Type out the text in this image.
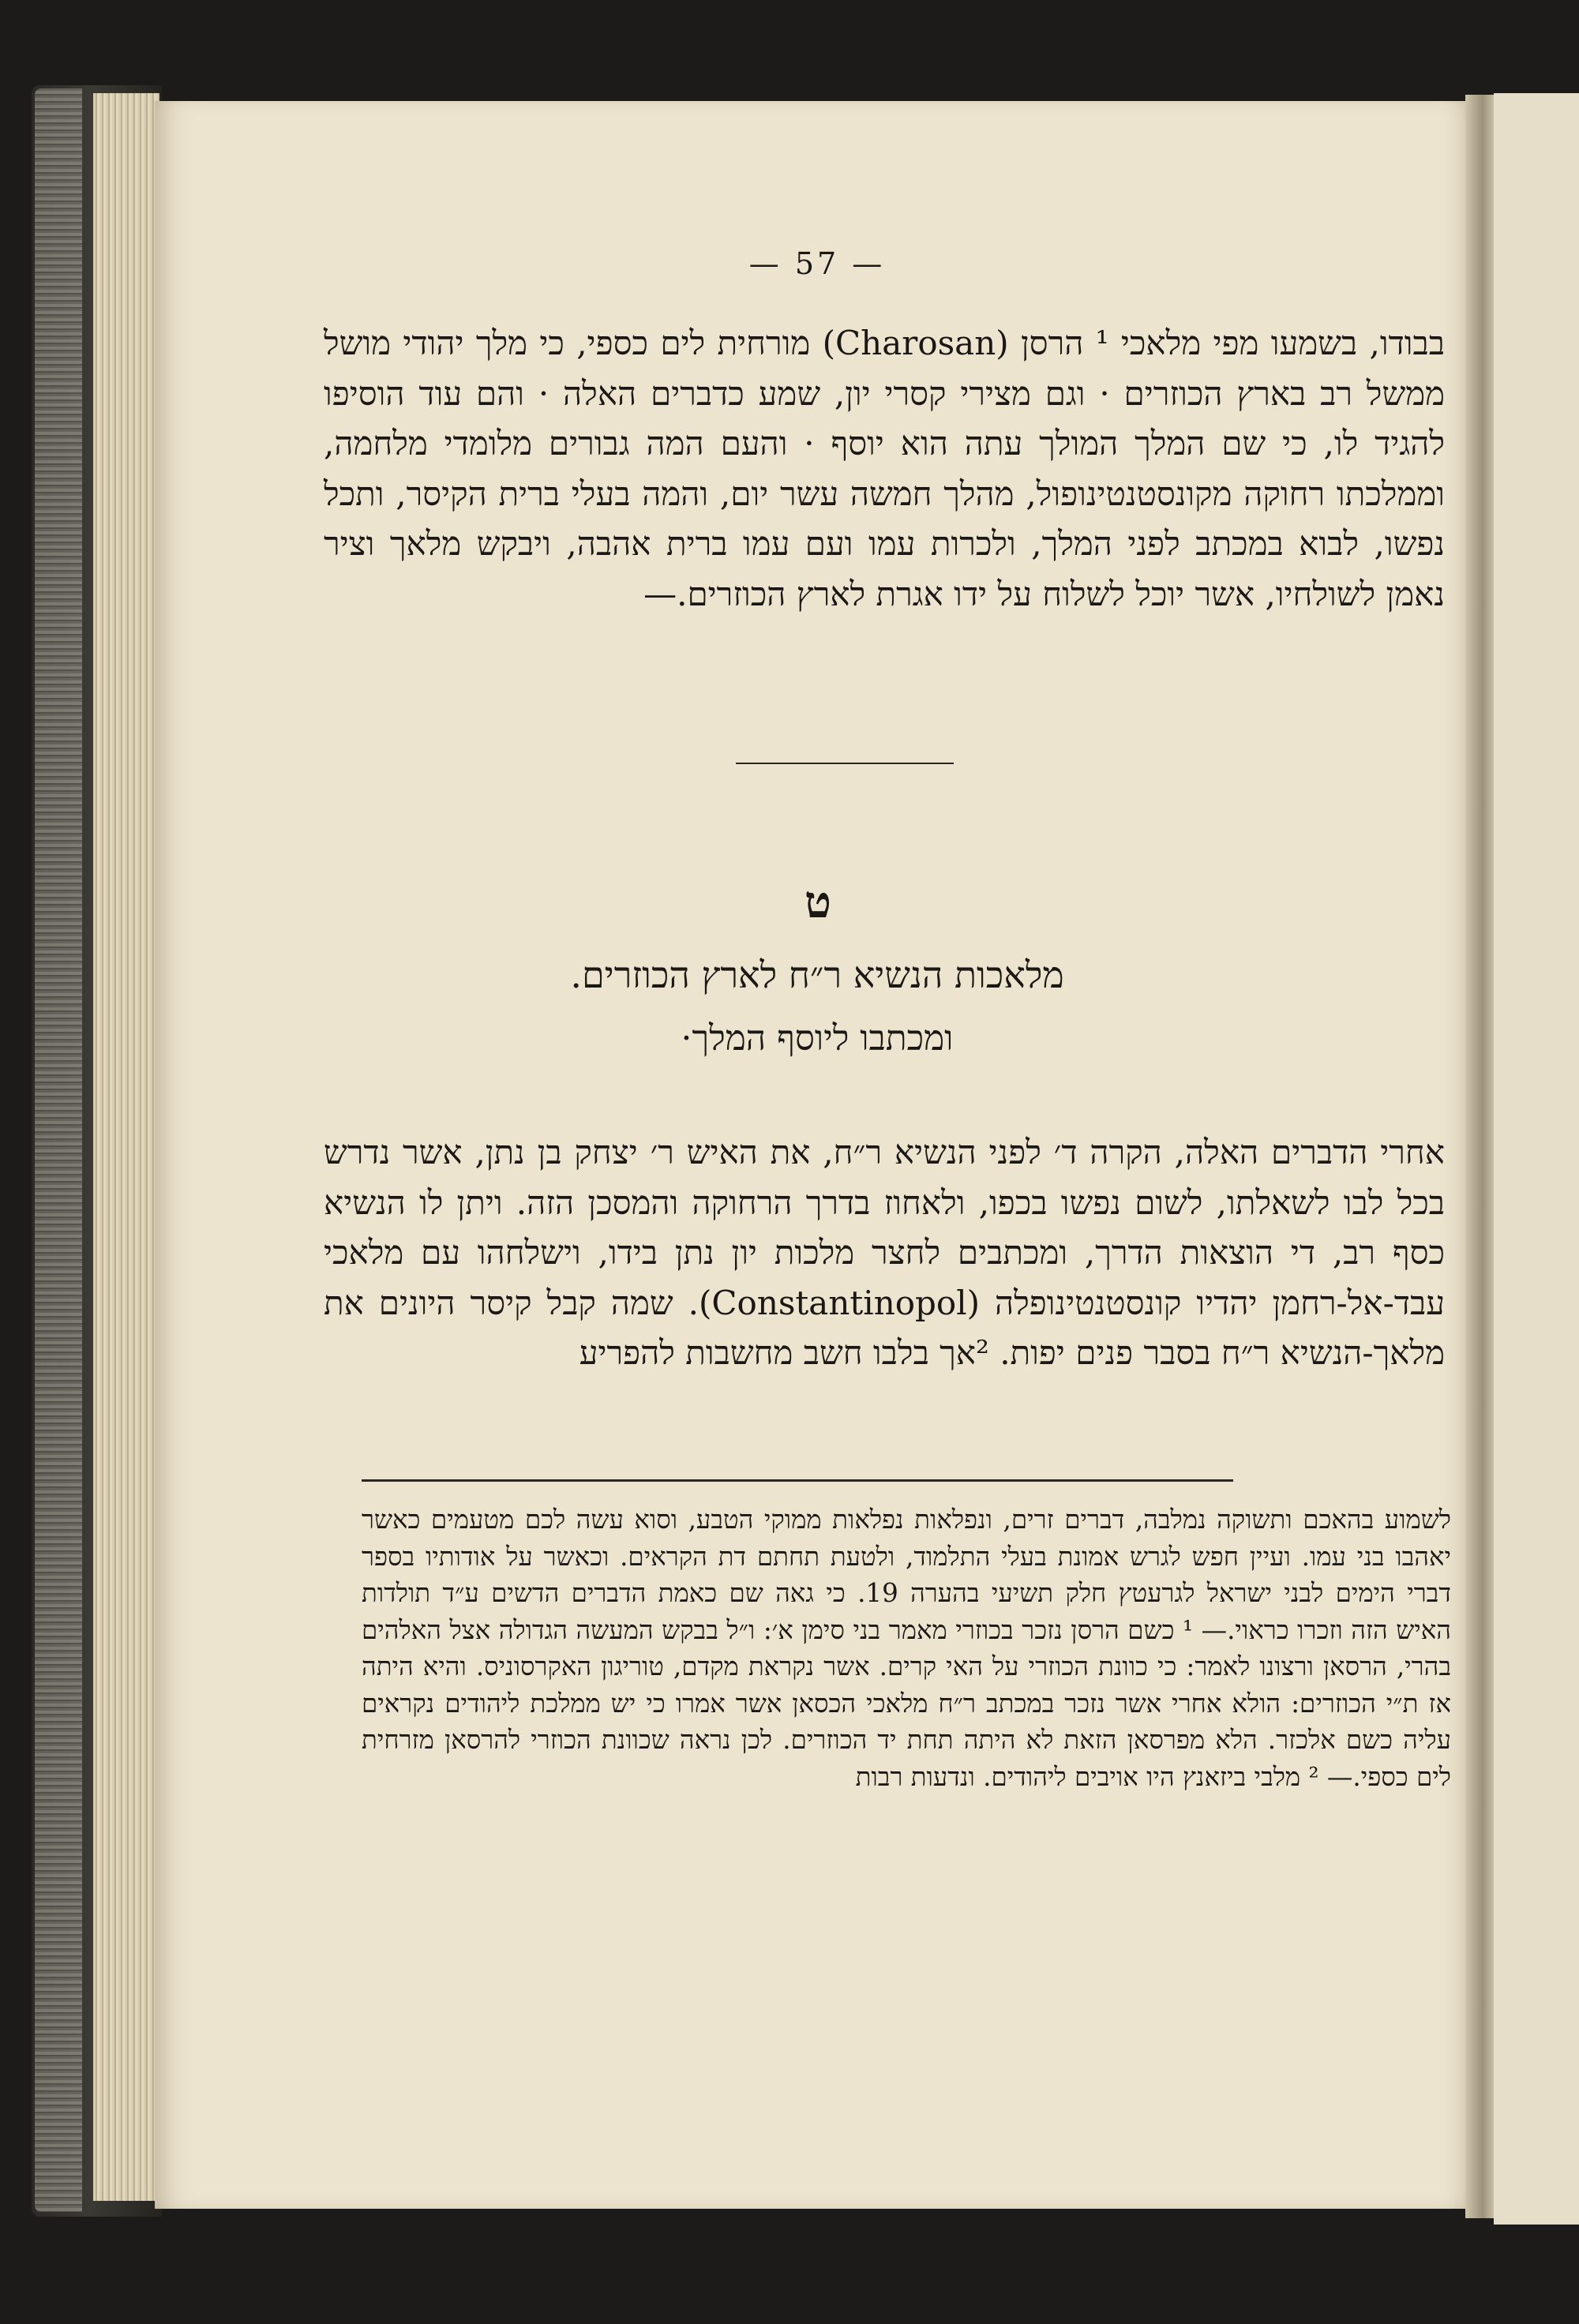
— 57 —

בבודו, בשמעו מפי מלאכי ¹ הרסן (Charosan) מורחית לים כספי, כי מלך יהודי מושל ממשל רב בארץ הכוזרים · וגם מצירי קסרי יון, שמע כדברים האלה · והם עוד הוסיפו להגיד לו, כי שם המלך המולך עתה הוא יוסף · והעם המה גבורים מלומדי מלחמה, וממלכתו רחוקה מקונסטנטינופול, מהלך חמשה עשר יום, והמה בעלי ברית הקיסר, ותכל נפשו, לבוא במכתב לפני המלך, ולכרות עמו ועם עמו ברית אהבה, ויבקש מלאך וציר נאמן לשולחיו, אשר יוכל לשלוח על ידו אגרת לארץ הכוזרים.—

ט
מלאכות הנשיא ר״ח לארץ הכוזרים.
ומכתבו ליוסף המלך·

אחרי הדברים האלה, הקרה ד׳ לפני הנשיא ר״ח, את האיש ר׳ יצחק בן נתן, אשר נדרש בכל לבו לשאלתו, לשום נפשו בכפו, ולאחוז בדרך הרחוקה והמסכן הזה. ויתן לו הנשיא כסף רב, די הוצאות הדרך, ומכתבים לחצר מלכות יון נתן בידו, וישלחהו עם מלאכי עבד-אל-רחמן יהדיו קונסטנטינופלה (Constantinopol). שמה קבל קיסר היונים את מלאך-הנשיא ר״ח בסבר פנים יפות. ²אך בלבו חשב מחשבות להפריע

לשמוע בהאכם ותשוקה נמלבה, דברים זרים, ונפלאות נפלאות ממוקי הטבע, וסוא עשה לכם מטעמים כאשר יאהבו בני עמו. ועיין חפש לגרש אמונת בעלי התלמוד, ולטעת תחתם דת הקראים. וכאשר על אודותיו בספר דברי הימים לבני ישראל לגרעטץ חלק תשיעי בהערה 19. כי גאה שם כאמת הדברים הדשים ע״ד תולדות האיש הזה וזכרו כראוי.— ¹ כשם הרסן נזכר בכוזרי מאמר בני סימן א׳: ו״ל בבקש המעשה הגדולה אצל האלהים בהרי, הרסאן ורצונו לאמר: כי כוונת הכוזרי על האי קרים. אשר נקראת מקדם, טוריגון האקרסוניס. והיא היתה אז ת״י הכוזרים: הולא אחרי אשר נזכר במכתב ר״ח מלאכי הכסאן אשר אמרו כי יש ממלכת ליהודים נקראים עליה כשם אלכזר. הלא מפרסאן הזאת לא היתה תחת יד הכוזרים. לכן נראה שכוונת הכוזרי להרסאן מזרחית לים כספי.— ² מלבי ביזאנץ היו אויבים ליהודים. ונדעות רבות
